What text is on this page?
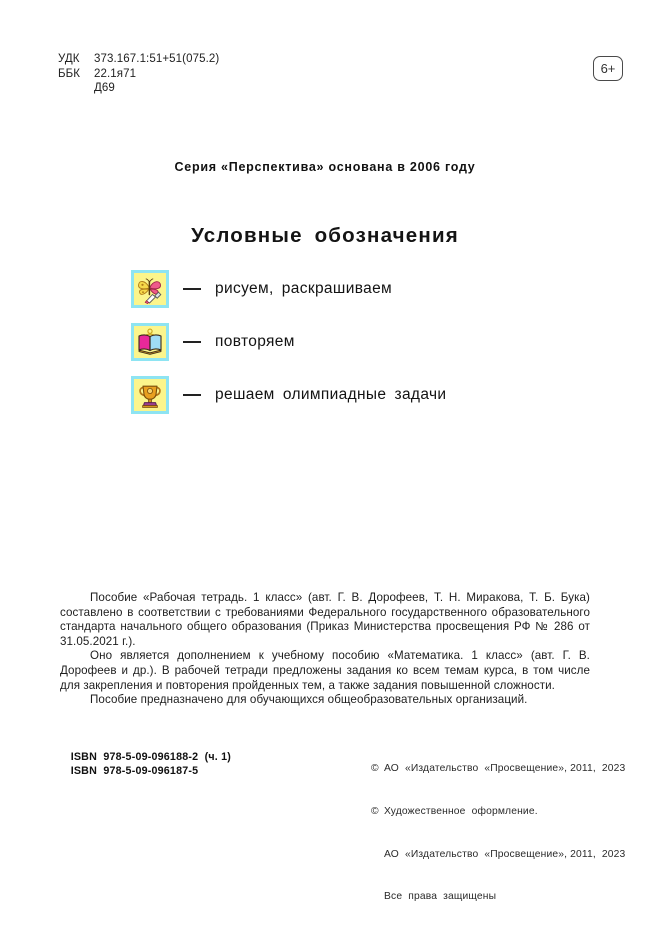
УДК 373.167.1:51+51(075.2)
ББК 22.1я71
Д69
6+
Серия «Перспектива» основана в 2006 году
Условные обозначения
рисуем, раскрашиваем
повторяем
решаем олимпиадные задачи

Пособие «Рабочая тетрадь. 1 класс» (авт. Г. В. Дорофеев, Т. Н. Миракова, Т. Б. Бука) составлено в соответствии с требованиями Федерального государственного образовательного стандарта начального общего образования (Приказ Министерства просвещения РФ № 286 от 31.05.2021 г.).

Оно является дополнением к учебному пособию «Математика. 1 класс» (авт. Г. В. Дорофеев и др.). В рабочей тетради предложены задания ко всем темам курса, в том числе для закрепления и повторения пройденных тем, а также задания повышенной сложности.

Пособие предназначено для обучающихся общеобразовательных организаций.

ISBN  978-5-09-096188-2  (ч. 1)
ISBN  978-5-09-096187-5

	© АО  «Издательство  «Просвещение», 2011,  2023

© Художественное  оформление.

АО  «Издательство  «Просвещение», 2011,  2023

Все  права  защищены
